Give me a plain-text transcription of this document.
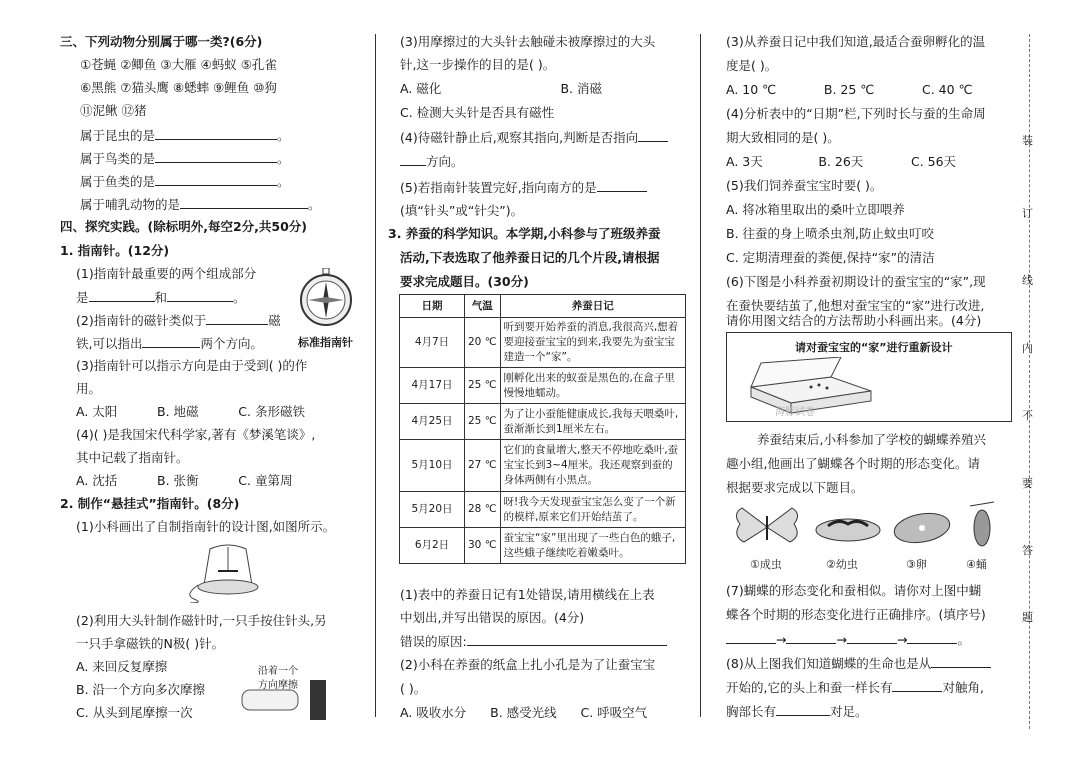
装
订
线
内
不
要
答
题
三、下列动物分别属于哪一类?(6分)
①苍蝇 ②鲫鱼 ③大雁 ④蚂蚁 ⑤孔雀
⑥黑熊 ⑦猫头鹰 ⑧蟋蟀 ⑨鲤鱼 ⑩狗
⑪泥鳅 ⑫猪
属于昆虫的是	。
属于鸟类的是	。
属于鱼类的是	。
属于哺乳动物的是	。
四、探究实践。(除标明外,每空2分,共50分)
1. 指南针。(12分)
(1)指南针最重要的两个组成部分
是	和	。
(2)指南针的磁针类似于	磁
铁,可以指出	两个方向。	标准指南针
(3)指南针可以指示方向是由于受到( )的作
用。
A. 太阳          B. 地磁          C. 条形磁铁
(4)( )是我国宋代科学家,著有《梦溪笔谈》,
其中记载了指南针。
A. 沈括          B. 张衡          C. 童第周
2. 制作“悬挂式”指南针。(8分)
(1)小科画出了自制指南针的设计图,如图所示。
(2)利用大头针制作磁针时,一只手按住针头,另
一只手拿磁铁的N极( )针。
A. 来回反复摩擦
B. 沿一个方向多次摩擦
C. 从头到尾摩擦一次
沿着一个
方向摩擦
(3)用摩擦过的大头针去触碰未被摩擦过的大头
针,这一步操作的目的是( )。
A. 磁化                              B. 消磁
C. 检测大头针是否具有磁性
(4)待磁针静止后,观察其指向,判断是否指向
方向。
(5)若指南针装置完好,指向南方的是
(填“针头”或“针尖”)。
3. 养蚕的科学知识。本学期,小科参与了班级养蚕
活动,下表选取了他养蚕日记的几个片段,请根据
要求完成题目。(30分)
日期	气温	养蚕日记
4月7日	20 ℃	听到要开始养蚕的消息,我很高兴,想着要迎接蚕宝宝的到来,我要先为蚕宝宝建造一个“家”。
4月17日	25 ℃	刚孵化出来的蚁蚕是黑色的,在盒子里慢慢地蠕动。
4月25日	25 ℃	为了让小蚕能健康成长,我每天喂桑叶,蚕渐渐长到1厘米左右。
5月10日	27 ℃	它们的食量增大,整天不停地吃桑叶,蚕宝宝长到3~4厘米。我还观察到蚕的身体两侧有小黑点。
5月20日	28 ℃	呀!我今天发现蚕宝宝怎么变了一个新的模样,原来它们开始结茧了。
6月2日	30 ℃	蚕宝宝“家”里出现了一些白色的蛾子,这些蛾子继续吃着嫩桑叶。
(1)表中的养蚕日记有1处错误,请用横线在上表
中划出,并写出错误的原因。(4分)
错误的原因:
(2)小科在养蚕的纸盒上扎小孔是为了让蚕宝宝
( )。
A. 吸收水分      B. 感受光线      C. 呼吸空气
(3)从养蚕日记中我们知道,最适合蚕卵孵化的温
度是( )。
A. 10 ℃            B. 25 ℃            C. 40 ℃
(4)分析表中的“日期”栏,下列时长与蚕的生命周
期大致相同的是( )。
A. 3天              B. 26天            C. 56天
(5)我们饲养蚕宝宝时要( )。
A. 将冰箱里取出的桑叶立即喂养
B. 往蚕的身上喷杀虫剂,防止蚊虫叮咬
C. 定期清理蚕的粪便,保持“家”的清洁
(6)下图是小科养蚕初期设计的蚕宝宝的“家”,现
在蚕快要结茧了,他想对蚕宝宝的“家”进行改进,
请你用图文结合的方法帮助小科画出来。(4分)
请对蚕宝宝的“家”进行重新设计
海豚试卷
养蚕结束后,小科参加了学校的蝴蝶养殖兴
趣小组,他画出了蝴蝶各个时期的形态变化。请
根据要求完成以下题目。
①成虫	②幼虫	③卵	④蛹
(7)蝴蝶的形态变化和蚕相似。请你对上图中蝴
蝶各个时期的形态变化进行正确排序。(填序号)
→	→	→	。
(8)从上图我们知道蝴蝶的生命也是从
开始的,它的头上和蚕一样长有	对触角,
胸部长有	对足。
